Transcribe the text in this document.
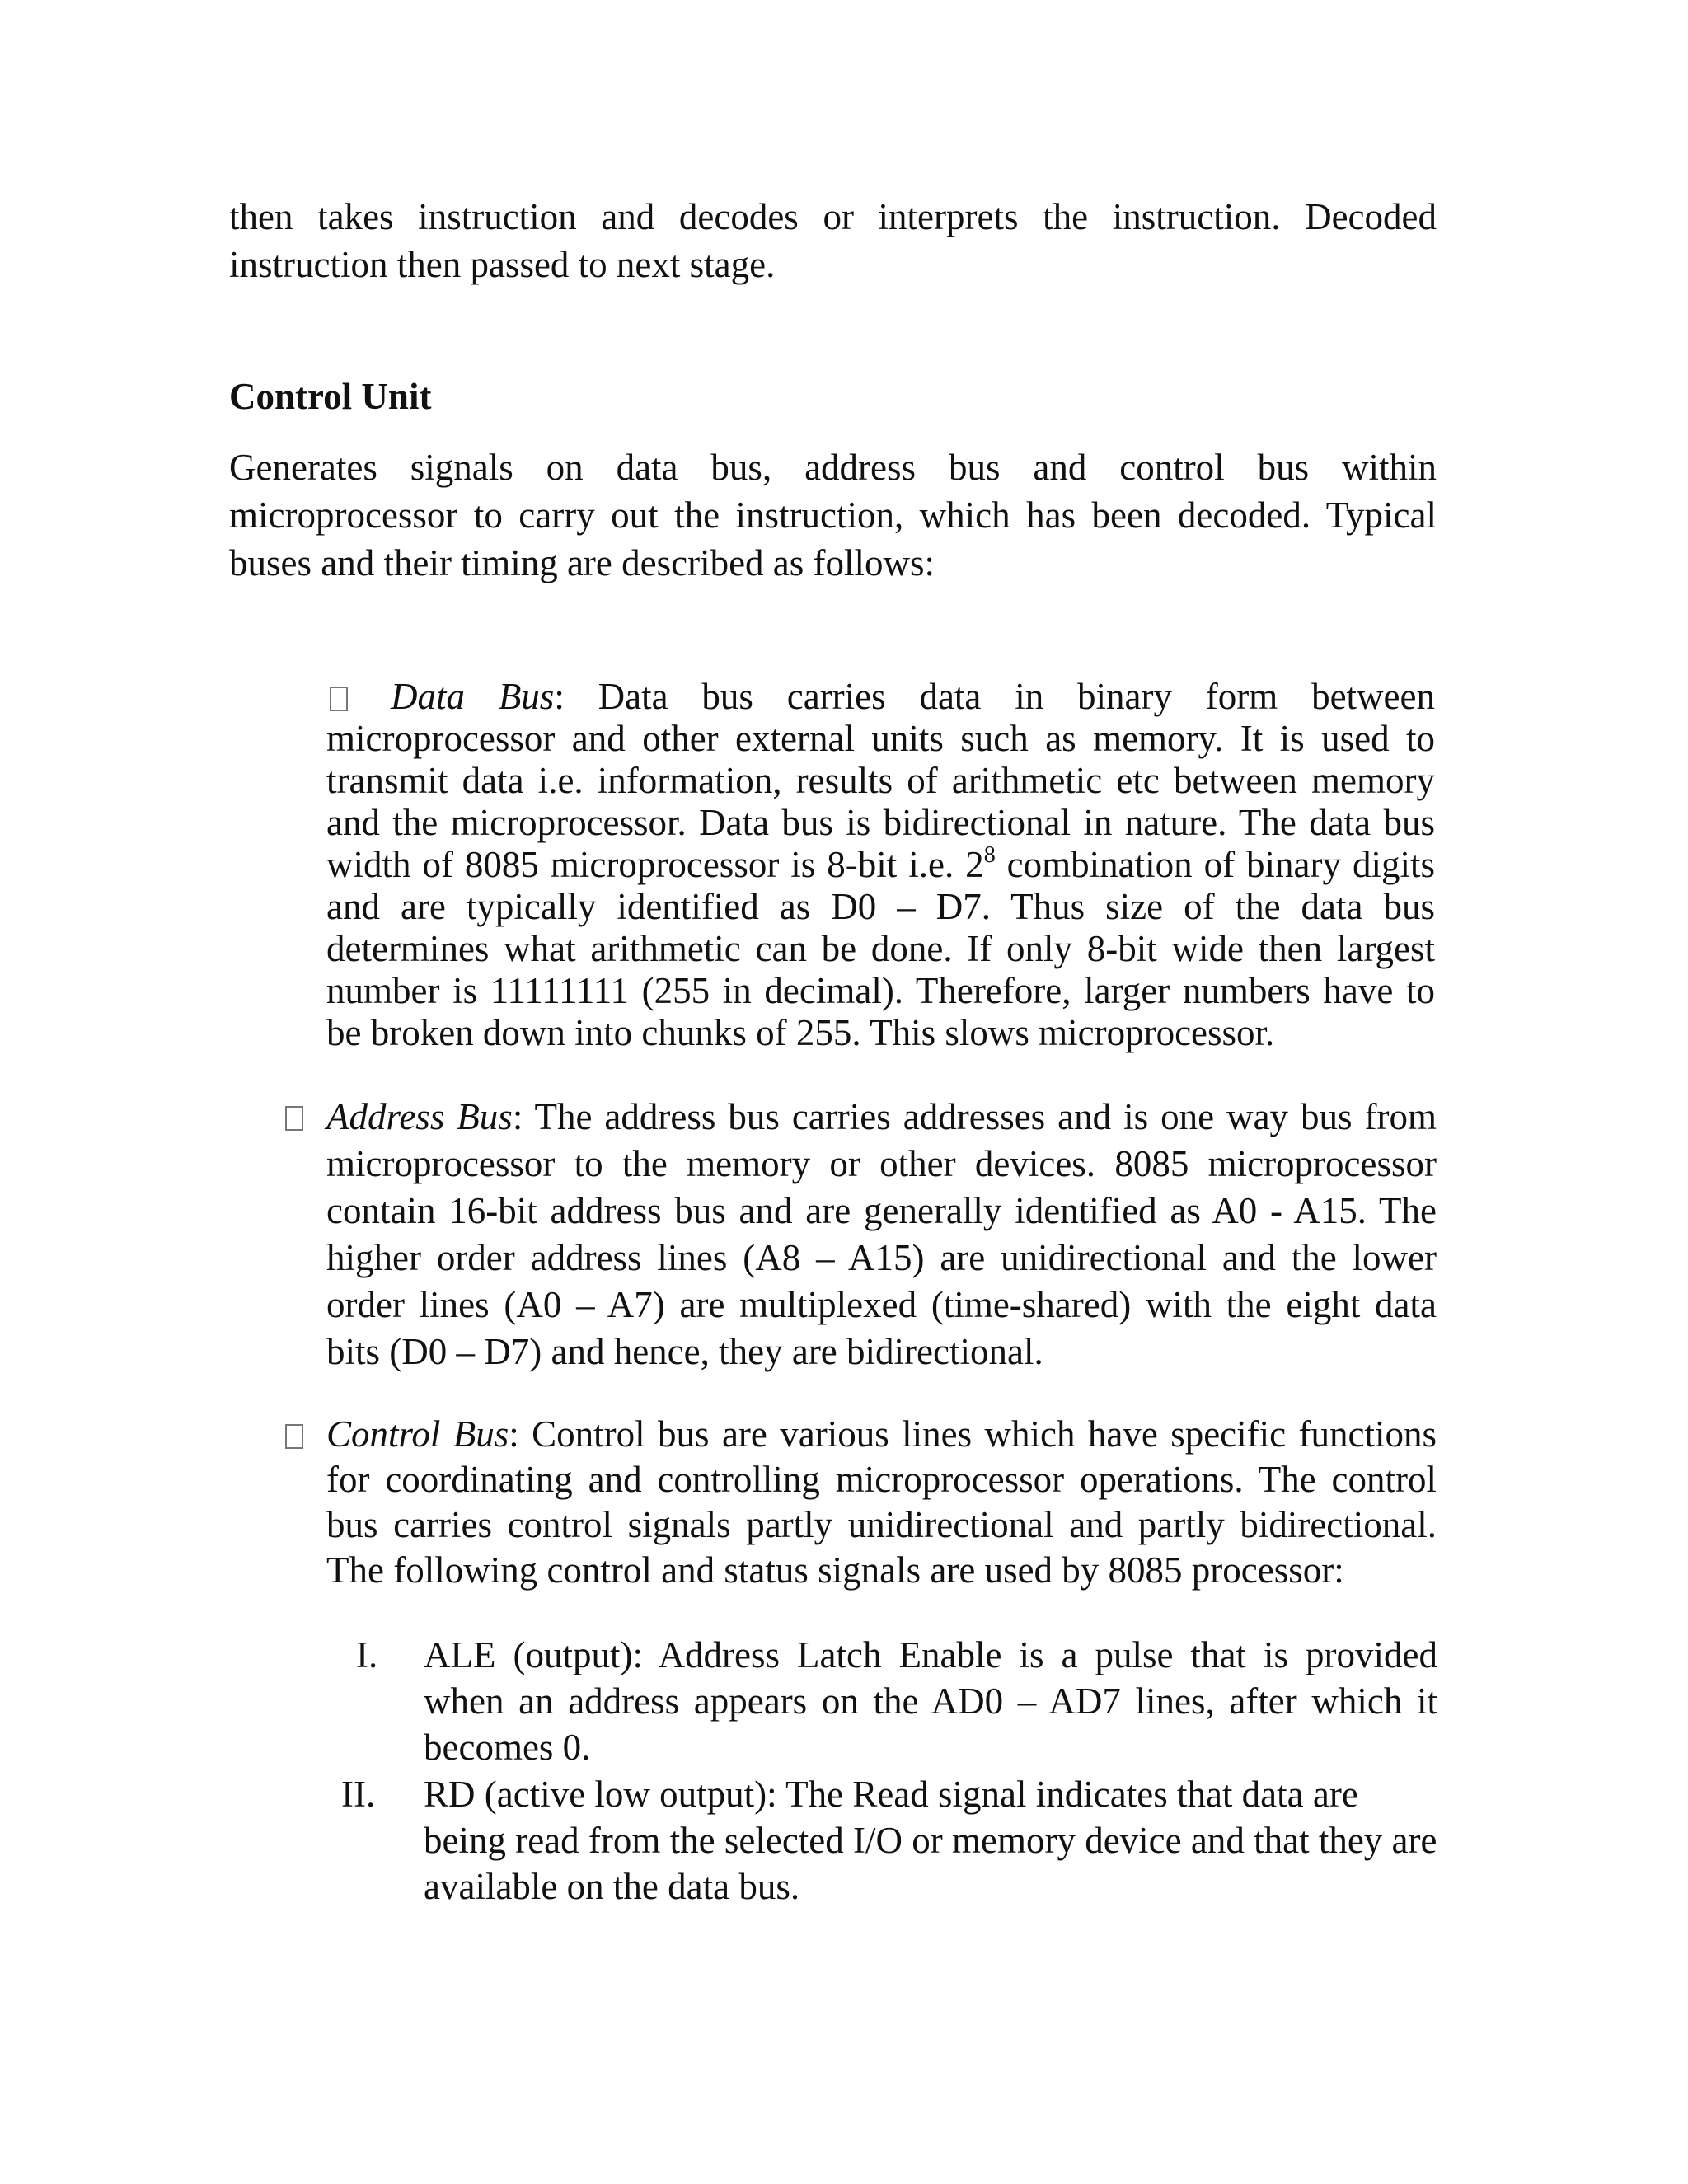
then takes instruction and decodes or interprets the instruction. Decoded instruction then passed to next stage.

Control Unit

Generates signals on data bus, address bus and control bus within microprocessor to carry out the instruction, which has been decoded. Typical buses and their timing are described as follows:

Data Bus: Data bus carries data in binary form between microprocessor and other external units such as memory. It is used to transmit data i.e. information, results of arithmetic etc between memory and the microprocessor. Data bus is bidirectional in nature. The data bus width of 8085 microprocessor is 8-bit i.e. $2^8$ combination of binary digits and are typically identified as D0 – D7. Thus size of the data bus determines what arithmetic can be done. If only 8-bit wide then largest number is 11111111 (255 in decimal). Therefore, larger numbers have to be broken down into chunks of 255. This slows microprocessor.

Address Bus: The address bus carries addresses and is one way bus from microprocessor to the memory or other devices. 8085 microprocessor contain 16-bit address bus and are generally identified as A0 - A15. The higher order address lines (A8 – A15) are unidirectional and the lower order lines (A0 – A7) are multiplexed (time-shared) with the eight data bits (D0 – D7) and hence, they are bidirectional.

Control Bus: Control bus are various lines which have specific functions for coordinating and controlling microprocessor operations. The control bus carries control signals partly unidirectional and partly bidirectional. The following control and status signals are used by 8085 processor:

I. ALE (output): Address Latch Enable is a pulse that is provided when an address appears on the AD0 – AD7 lines, after which it becomes 0.

II. RD (active low output): The Read signal indicates that data are being read from the selected I/O or memory device and that they are available on the data bus.
